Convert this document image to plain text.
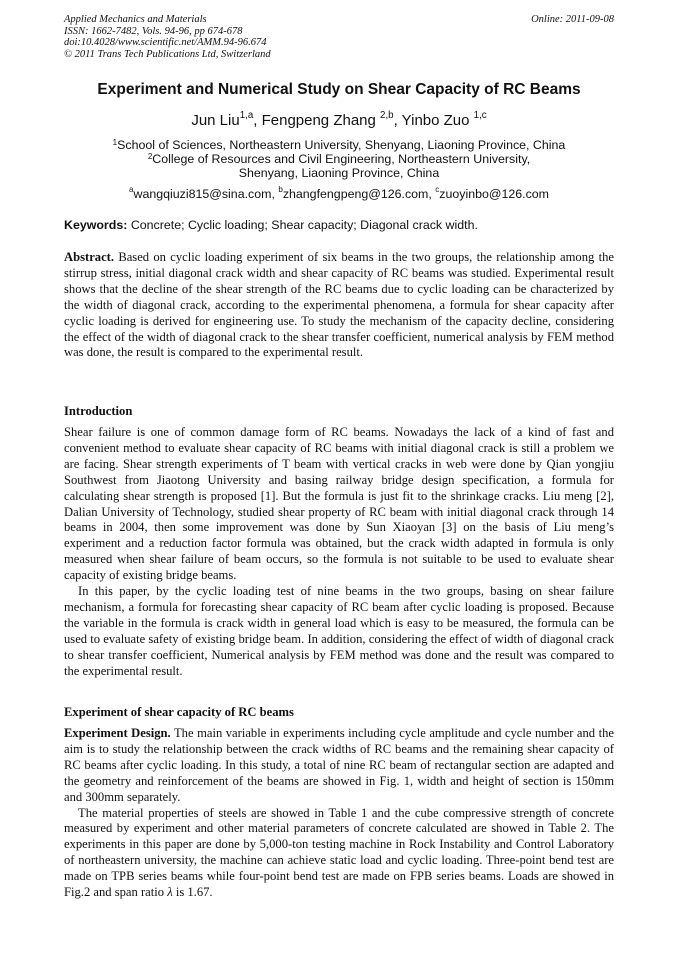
Applied Mechanics and Materials
ISSN: 1662-7482, Vols. 94-96, pp 674-678
doi:10.4028/www.scientific.net/AMM.94-96.674
© 2011 Trans Tech Publications Ltd, Switzerland
Online: 2011-09-08
Experiment and Numerical Study on Shear Capacity of RC Beams
Jun Liu$^{1,a}$, Fengpeng Zhang $^{2,b}$, Yinbo Zuo $^{1,c}$
$^1$School of Sciences, Northeastern University, Shenyang, Liaoning Province, China
$^2$College of Resources and Civil Engineering, Northeastern University,
Shenyang, Liaoning Province, China
$^a$wangqiuzi815@sina.com, $^b$zhangfengpeng@126.com, $^c$zuoyinbo@126.com
Keywords: Concrete; Cyclic loading; Shear capacity; Diagonal crack width.

Abstract. Based on cyclic loading experiment of six beams in the two groups, the relationship among the stirrup stress, initial diagonal crack width and shear capacity of RC beams was studied. Experimental result shows that the decline of the shear strength of the RC beams due to cyclic loading can be characterized by the width of diagonal crack, according to the experimental phenomena, a formula for shear capacity after cyclic loading is derived for engineering use. To study the mechanism of the capacity decline, considering the effect of the width of diagonal crack to the shear transfer coefficient, numerical analysis by FEM method was done, the result is compared to the experimental result.

Introduction

Shear failure is one of common damage form of RC beams. Nowadays the lack of a kind of fast and convenient method to evaluate shear capacity of RC beams with initial diagonal crack is still a problem we are facing. Shear strength experiments of T beam with vertical cracks in web were done by Qian yongjiu Southwest from Jiaotong University and basing railway bridge design specification, a formula for calculating shear strength is proposed [1]. But the formula is just fit to the shrinkage cracks. Liu meng [2], Dalian University of Technology, studied shear property of RC beam with initial diagonal crack through 14 beams in 2004, then some improvement was done by Sun Xiaoyan [3] on the basis of Liu meng’s experiment and a reduction factor formula was obtained, but the crack width adapted in formula is only measured when shear failure of beam occurs, so the formula is not suitable to be used to evaluate shear capacity of existing bridge beams.

In this paper, by the cyclic loading test of nine beams in the two groups, basing on shear failure mechanism, a formula for forecasting shear capacity of RC beam after cyclic loading is proposed. Because the variable in the formula is crack width in general load which is easy to be measured, the formula can be used to evaluate safety of existing bridge beam. In addition, considering the effect of width of diagonal crack to shear transfer coefficient, Numerical analysis by FEM method was done and the result was compared to the experimental result.

Experiment of shear capacity of RC beams

Experiment Design. The main variable in experiments including cycle amplitude and cycle number and the aim is to study the relationship between the crack widths of RC beams and the remaining shear capacity of RC beams after cyclic loading. In this study, a total of nine RC beam of rectangular section are adapted and the geometry and reinforcement of the beams are showed in Fig. 1, width and height of section is 150mm and 300mm separately.

The material properties of steels are showed in Table 1 and the cube compressive strength of concrete measured by experiment and other material parameters of concrete calculated are showed in Table 2. The experiments in this paper are done by 5,000-ton testing machine in Rock Instability and Control Laboratory of northeastern university, the machine can achieve static load and cyclic loading. Three-point bend test are made on TPB series beams while four-point bend test are made on FPB series beams. Loads are showed in Fig.2 and span ratio λ is 1.67.
